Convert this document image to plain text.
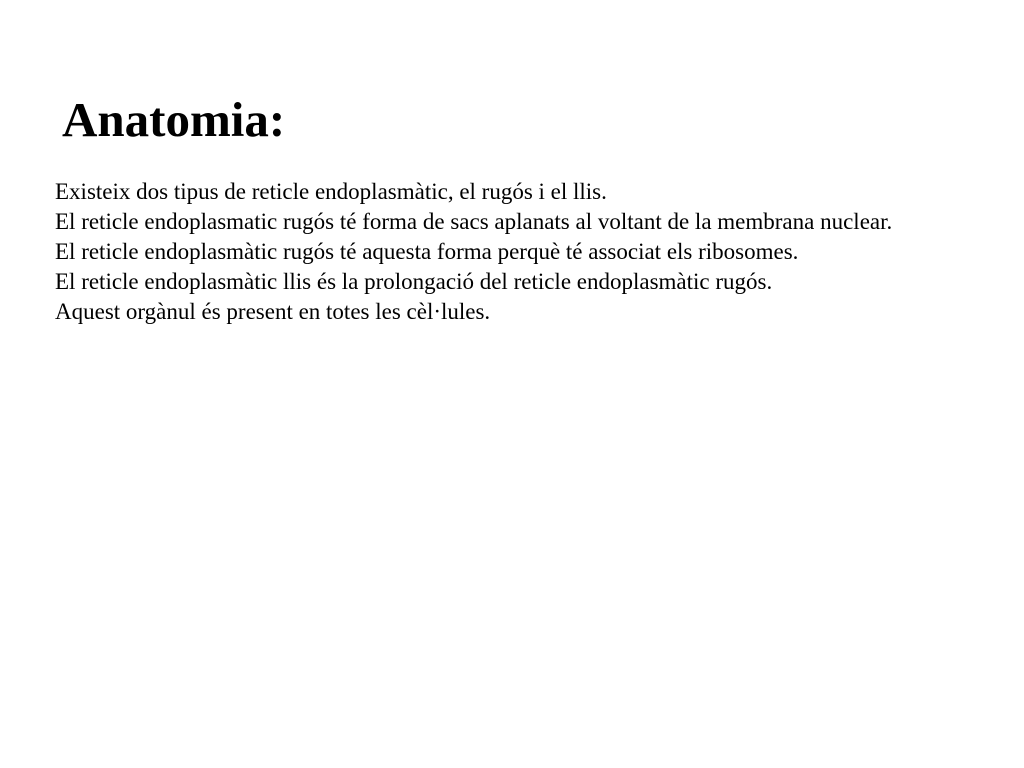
Anatomia:

Existeix dos tipus de reticle endoplasmàtic, el rugós i el llis.

El reticle endoplasmatic rugós té forma de sacs aplanats al voltant de la membrana nuclear.

El reticle endoplasmàtic rugós té aquesta forma perquè té associat els ribosomes.

El reticle endoplasmàtic llis és la prolongació del reticle endoplasmàtic rugós.

Aquest orgànul és present en totes les cèl·lules.
